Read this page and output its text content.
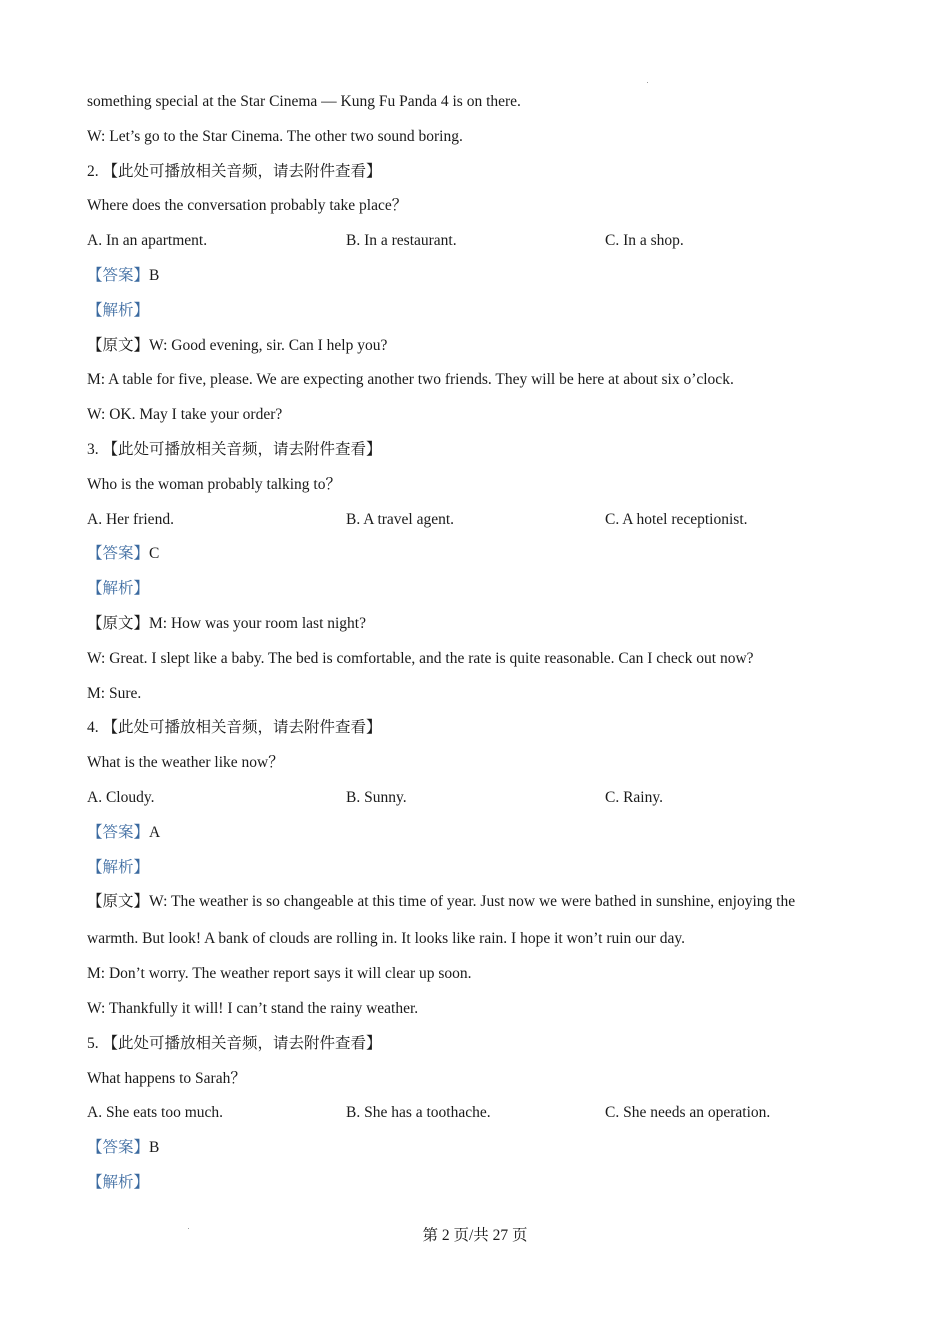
something special at the Star Cinema — Kung Fu Panda 4 is on there.
W: Let’s go to the Star Cinema. The other two sound boring.
2. 【此处可播放相关音频，请去附件查看】
Where does the conversation probably take place？
A. In an apartment.	B. In a restaurant.	C. In a shop.
【答案】B
【解析】
【原文】W: Good evening, sir. Can I help you?
M: A table for five, please. We are expecting another two friends. They will be here at about six o’clock.
W: OK. May I take your order?
3. 【此处可播放相关音频，请去附件查看】
Who is the woman probably talking to？
A. Her friend.	B. A travel agent.	C. A hotel receptionist.
【答案】C
【解析】
【原文】M: How was your room last night?
W: Great. I slept like a baby. The bed is comfortable, and the rate is quite reasonable. Can I check out now?
M: Sure.
4. 【此处可播放相关音频，请去附件查看】
What is the weather like now？
A. Cloudy.	B. Sunny.	C. Rainy.
【答案】A
【解析】
【原文】W: The weather is so changeable at this time of year. Just now we were bathed in sunshine, enjoying the
warmth. But look! A bank of clouds are rolling in. It looks like rain. I hope it won’t ruin our day.
M: Don’t worry. The weather report says it will clear up soon.
W: Thankfully it will! I can’t stand the rainy weather.
5. 【此处可播放相关音频，请去附件查看】
What happens to Sarah？
A. She eats too much.	B. She has a toothache.	C. She needs an operation.
【答案】B
【解析】
第 2 页/共 27 页
